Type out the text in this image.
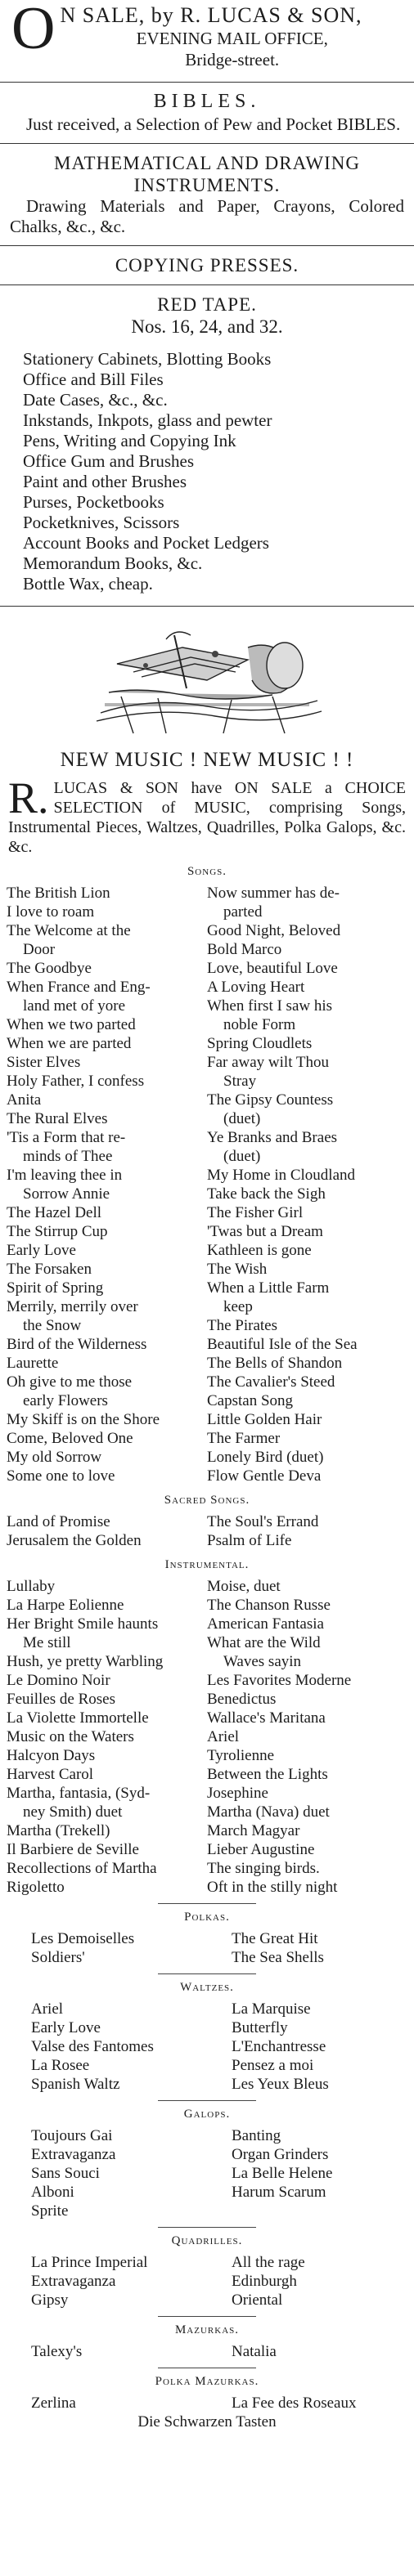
O N SALE, by R. LUCAS & SON,
EVENING MAIL OFFICE,
Bridge-street.
BIBLES.
Just received, a Selection of Pew and Pocket BIBLES.
MATHEMATICAL AND DRAWING INSTRUMENTS.
Drawing Materials and Paper, Crayons, Colored Chalks, &c., &c.
COPYING PRESSES.
RED TAPE.
Nos. 16, 24, and 32.
Stationery Cabinets, Blotting Books
Office and Bill Files
Date Cases, &c., &c.
Inkstands, Inkpots, glass and pewter
Pens, Writing and Copying Ink
Office Gum and Brushes
Paint and other Brushes
Purses, Pocketbooks
Pocketknives, Scissors
Account Books and Pocket Ledgers
Memorandum Books, &c.
Bottle Wax, cheap.
NEW MUSIC ! NEW MUSIC ! !
R. LUCAS & SON have ON SALE a CHOICE SELECTION of MUSIC, comprising Songs, Instrumental Pieces, Waltzes, Quadrilles, Polka Galops, &c. &c.
Songs.
The British Lion
I love to roam
The Welcome at the
Door
The Goodbye
When France and Eng-
land met of yore
When we two parted
When we are parted
Sister Elves
Holy Father, I confess
Anita
The Rural Elves
'Tis a Form that re-
minds of Thee
I'm leaving thee in
Sorrow Annie
The Hazel Dell
The Stirrup Cup
Early Love
The Forsaken
Spirit of Spring
Merrily, merrily over
the Snow
Bird of the Wilderness
Laurette
Oh give to me those
early Flowers
My Skiff is on the Shore
Come, Beloved One
My old Sorrow
Some one to love
Now summer has de-
parted
Good Night, Beloved
Bold Marco
Love, beautiful Love
A Loving Heart
When first I saw his
noble Form
Spring Cloudlets
Far away wilt Thou
Stray
The Gipsy Countess
(duet)
Ye Branks and Braes
(duet)
My Home in Cloudland
Take back the Sigh
The Fisher Girl
'Twas but a Dream
Kathleen is gone
The Wish
When a Little Farm
keep
The Pirates
Beautiful Isle of the Sea
The Bells of Shandon
The Cavalier's Steed
Capstan Song
Little Golden Hair
The Farmer
Lonely Bird (duet)
Flow Gentle Deva
Sacred Songs.
Land of Promise
Jerusalem the Golden
The Soul's Errand
Psalm of Life
Instrumental.
Lullaby
La Harpe Eolienne
Her Bright Smile haunts
Me still
Hush, ye pretty Warbling
Le Domino Noir
Feuilles de Roses
La Violette Immortelle
Music on the Waters
Halcyon Days
Harvest Carol
Martha, fantasia, (Syd-
ney Smith) duet
Martha (Trekell)
Il Barbiere de Seville
Recollections of Martha
Rigoletto
Moise, duet
The Chanson Russe
American Fantasia
What are the Wild
Waves sayin
Les Favorites Moderne
Benedictus
Wallace's Maritana
Ariel
Tyrolienne
Between the Lights
Josephine
Martha (Nava) duet
March Magyar
Lieber Augustine
The singing birds.
Oft in the stilly night
Polkas.
Les Demoiselles
Soldiers'
The Great Hit
The Sea Shells
Waltzes.
Ariel
Early Love
Valse des Fantomes
La Rosee
Spanish Waltz
La Marquise
Butterfly
L'Enchantresse
Pensez a moi
Les Yeux Bleus
Galops.
Toujours Gai
Extravaganza
Sans Souci
Alboni
Sprite
Banting
Organ Grinders
La Belle Helene
Harum Scarum
Quadrilles.
La Prince Imperial
Extravaganza
Gipsy
All the rage
Edinburgh
Oriental
Mazurkas.
Talexy's	Natalia
Polka Mazurkas.
Zerlina	La Fee des Roseaux
Die Schwarzen Tasten
